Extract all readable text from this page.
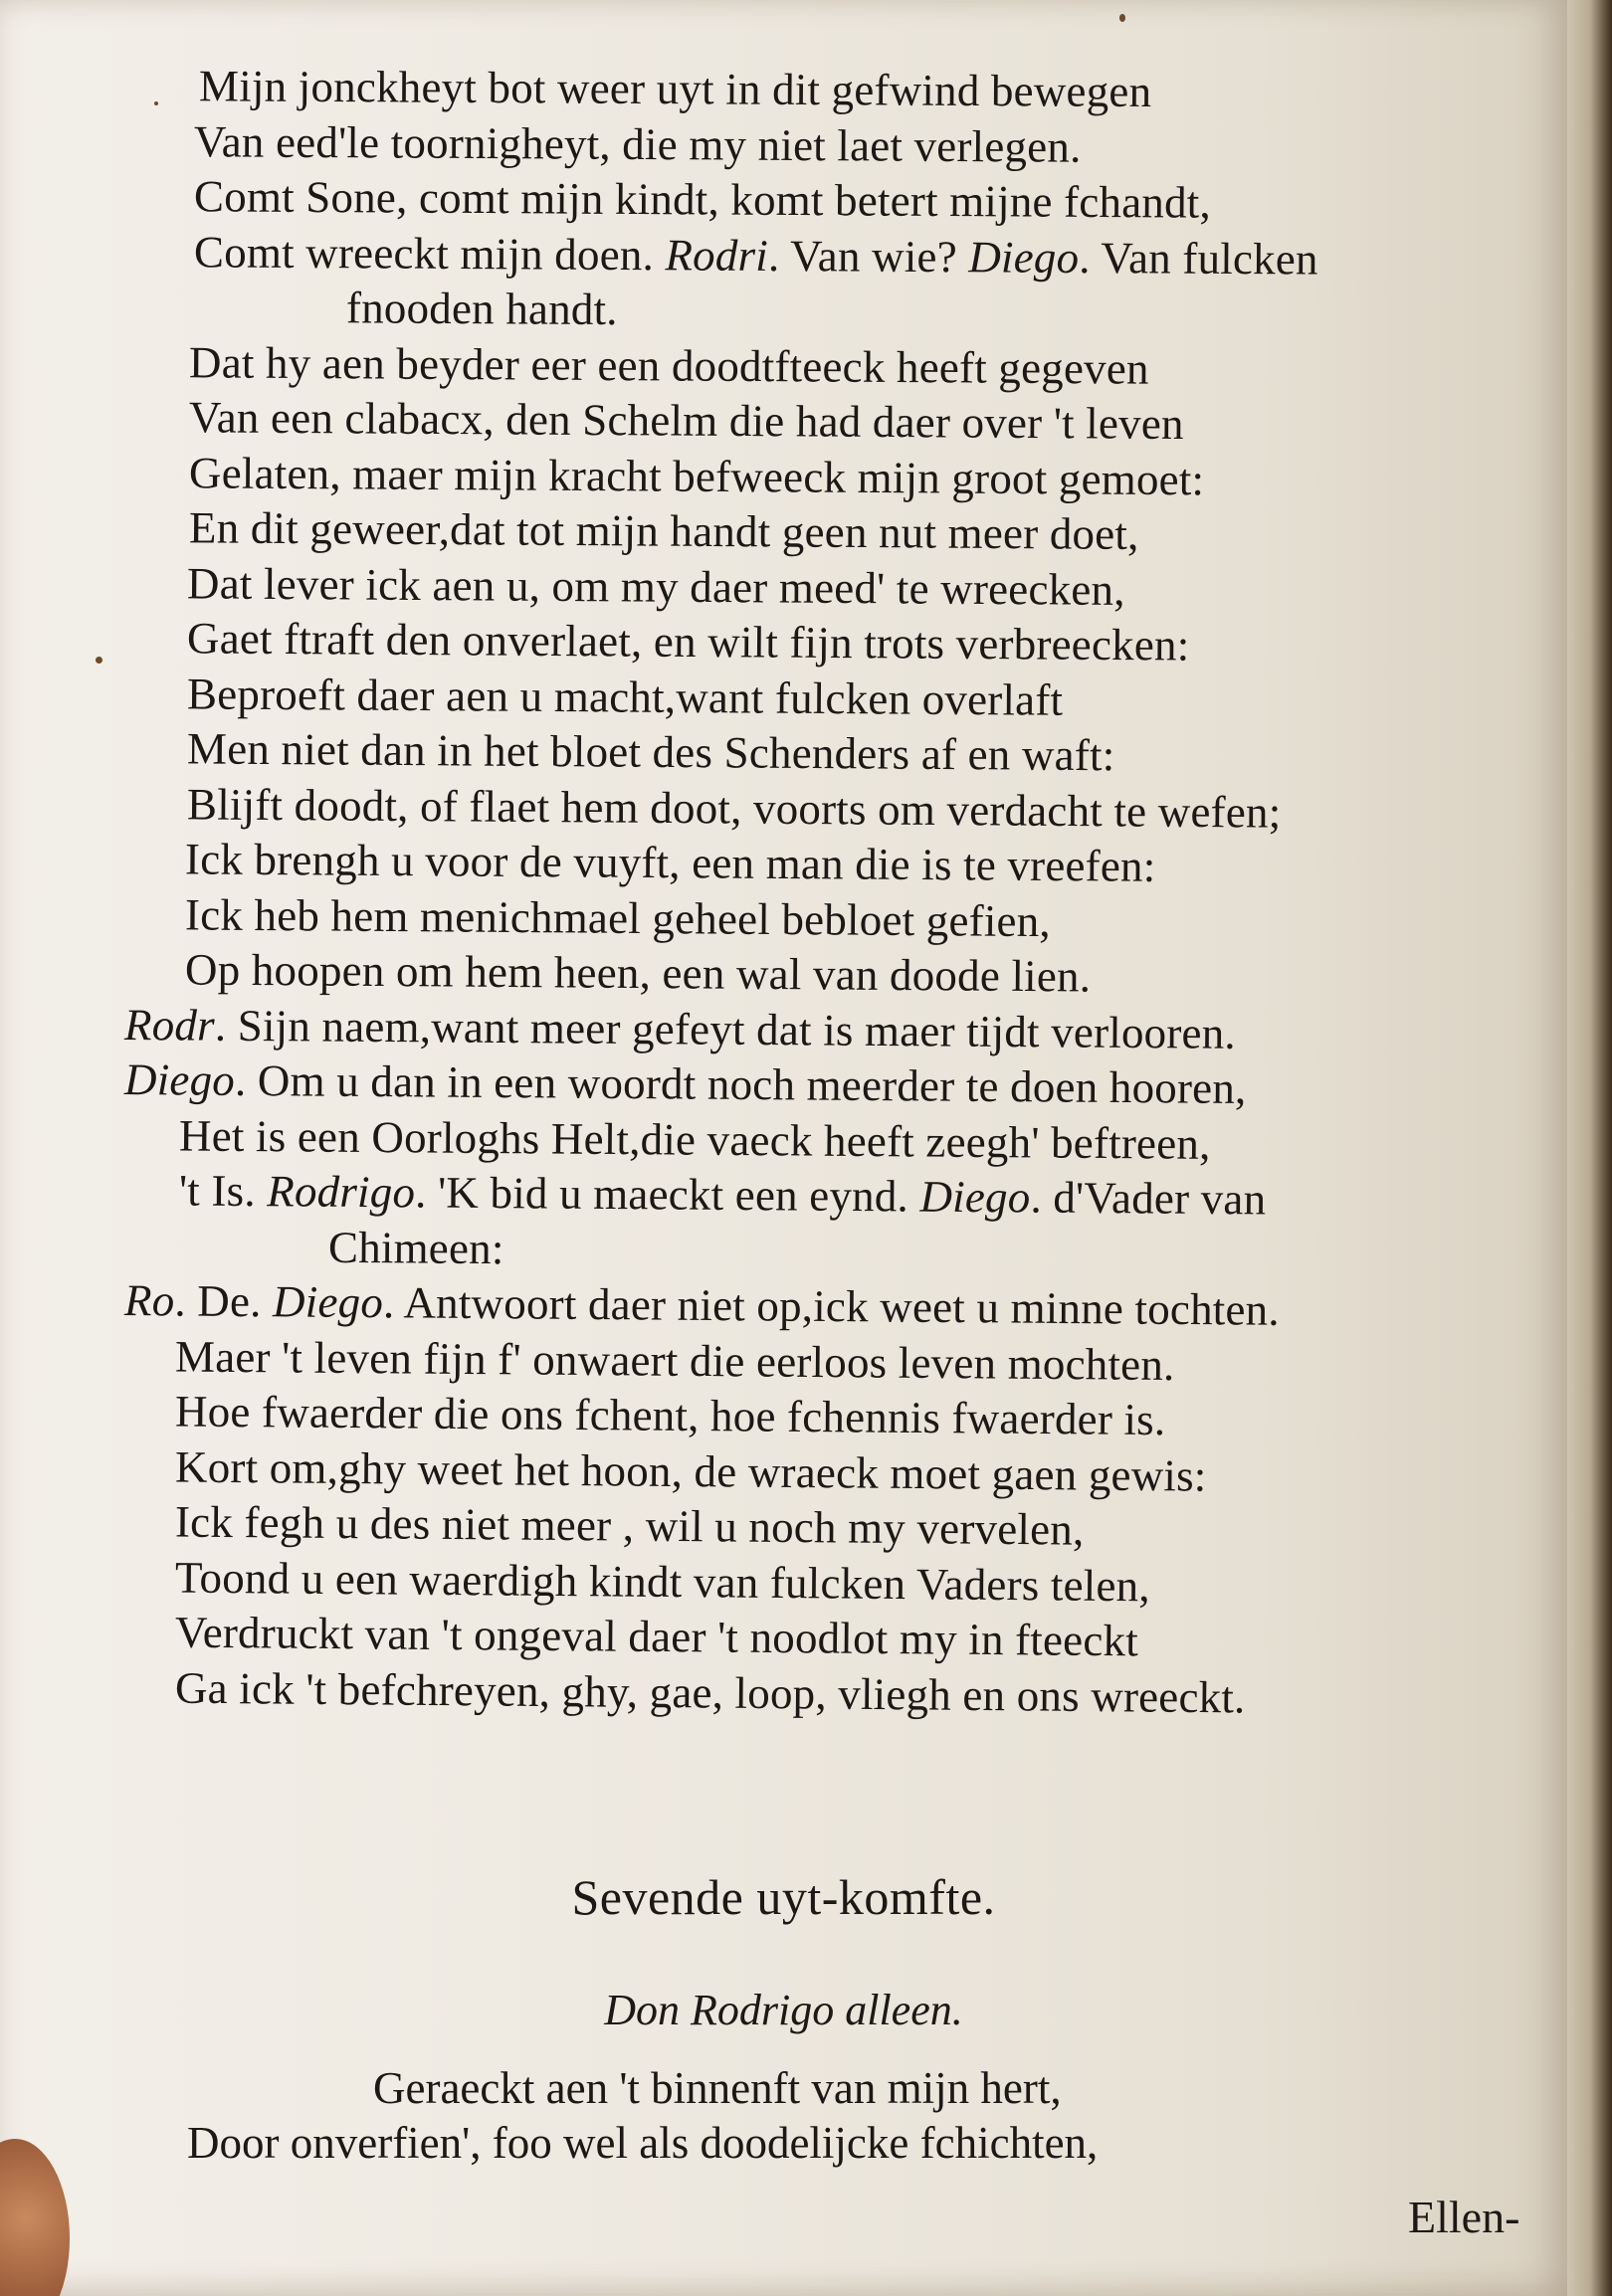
Mijn jonckheyt bot weer uyt in dit gefwind bewegen
Van eed'le toornigheyt, die my niet laet verlegen.
Comt Sone, comt mijn kindt, komt betert mijne fchandt,
Comt wreeckt mijn doen. Rodri. Van wie? Diego. Van fulcken
fnooden handt.
Dat hy aen beyder eer een doodtfteeck heeft gegeven
Van een clabacx, den Schelm die had daer over 't leven
Gelaten, maer mijn kracht befweeck mijn groot gemoet:
En dit geweer,dat tot mijn handt geen nut meer doet,
Dat lever ick aen u, om my daer meed' te wreecken,
Gaet ftraft den onverlaet, en wilt fijn trots verbreecken:
Beproeft daer aen u macht,want fulcken overlaft
Men niet dan in het bloet des Schenders af en waft:
Blijft doodt, of flaet hem doot, voorts om verdacht te wefen;
Ick brengh u voor de vuyft, een man die is te vreefen:
Ick heb hem menichmael geheel bebloet gefien,
Op hoopen om hem heen, een wal van doode lien.
Rodr. Sijn naem,want meer gefeyt dat is maer tijdt verlooren.
Diego. Om u dan in een woordt noch meerder te doen hooren,
Het is een Oorloghs Helt,die vaeck heeft zeegh' beftreen,
't Is. Rodrigo. 'K bid u maeckt een eynd. Diego. d'Vader van
Chimeen:
Ro. De. Diego. Antwoort daer niet op,ick weet u minne tochten.
Maer 't leven fijn f' onwaert die eerloos leven mochten.
Hoe fwaerder die ons fchent, hoe fchennis fwaerder is.
Kort om,ghy weet het hoon, de wraeck moet gaen gewis:
Ick fegh u des niet meer , wil u noch my vervelen,
Toond u een waerdigh kindt van fulcken Vaders telen,
Verdruckt van 't ongeval daer 't noodlot my in fteeckt
Ga ick 't befchreyen, ghy, gae, loop, vliegh en ons wreeckt.
Sevende uyt-komfte.
Don Rodrigo alleen.
Geraeckt aen 't binnenft van mijn hert,
Door onverfien', foo wel als doodelijcke fchichten,
Ellen-
